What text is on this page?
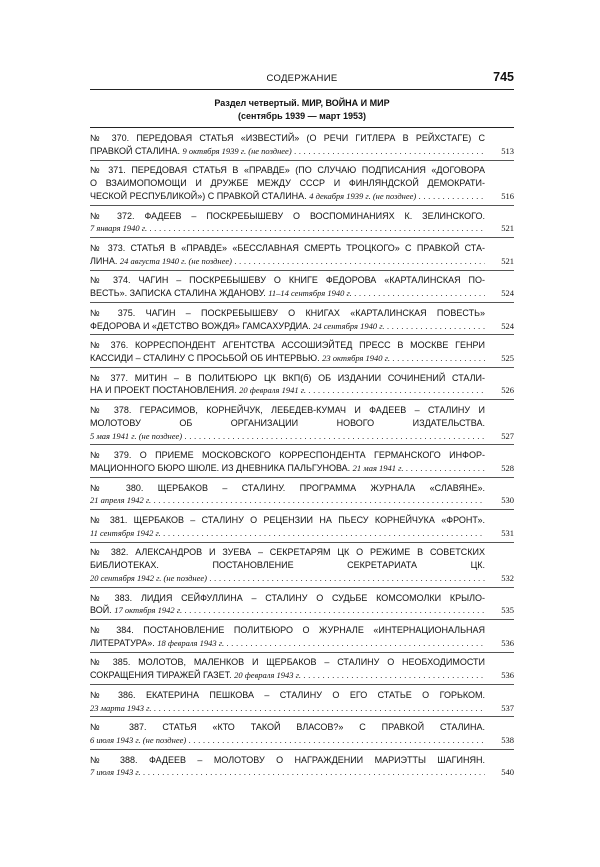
СОДЕРЖАНИЕ	745
Раздел четвертый. МИР, ВОЙНА И МИР
(сентябрь 1939 — март 1953)
№ 370. ПЕРЕДОВАЯ СТАТЬЯ «ИЗВЕСТИЙ» (О РЕЧИ ГИТЛЕРА В РЕЙХСТАГЕ) С
ПРАВКОЙ СТАЛИНА. 9 октября 1939 г. (не позднее) . . .	513
№ 371. ПЕРЕДОВАЯ СТАТЬЯ В «ПРАВДЕ» (ПО СЛУЧАЮ ПОДПИСАНИЯ «ДОГОВОРА
О ВЗАИМОПОМОЩИ И ДРУЖБЕ МЕЖДУ СССР И ФИНЛЯНДСКОЙ ДЕМОКРАТИ-
ЧЕСКОЙ РЕСПУБЛИКОЙ») С ПРАВКОЙ СТАЛИНА. 4 декабря 1939 г. (не позднее) . . .	516
№ 372. ФАДЕЕВ – ПОСКРЕБЫШЕВУ О ВОСПОМИНАНИЯХ К. ЗЕЛИНСКОГО.
7 января 1940 г. . . .	521
№ 373. СТАТЬЯ В «ПРАВДЕ» «БЕССЛАВНАЯ СМЕРТЬ ТРОЦКОГО» С ПРАВКОЙ СТА-
ЛИНА. 24 августа 1940 г. (не позднее) . . .	521
№ 374. ЧАГИН – ПОСКРЕБЫШЕВУ О КНИГЕ ФЕДОРОВА «КАРТАЛИНСКАЯ ПО-
ВЕСТЬ». ЗАПИСКА СТАЛИНА ЖДАНОВУ. 11–14 сентября 1940 г. . . .	524
№ 375. ЧАГИН – ПОСКРЕБЫШЕВУ О КНИГАХ «КАРТАЛИНСКАЯ ПОВЕСТЬ»
ФЕДОРОВА И «ДЕТСТВО ВОЖДЯ» ГАМСАХУРДИА. 24 сентября 1940 г. . . .	524
№ 376. КОРРЕСПОНДЕНТ АГЕНТСТВА АССОШИЭЙТЕД ПРЕСС В МОСКВЕ ГЕНРИ
КАССИДИ – СТАЛИНУ С ПРОСЬБОЙ ОБ ИНТЕРВЬЮ. 23 октября 1940 г. . . .	525
№ 377. МИТИН – В ПОЛИТБЮРО ЦК ВКП(б) ОБ ИЗДАНИИ СОЧИНЕНИЙ СТАЛИ-
НА И ПРОЕКТ ПОСТАНОВЛЕНИЯ. 20 февраля 1941 г. . . .	526
№ 378. ГЕРАСИМОВ, КОРНЕЙЧУК, ЛЕБЕДЕВ-КУМАЧ И ФАДЕЕВ – СТАЛИНУ И
МОЛОТОВУ ОБ ОРГАНИЗАЦИИ НОВОГО ИЗДАТЕЛЬСТВА.
5 мая 1941 г. (не позднее) . . .	527
№ 379. О ПРИЕМЕ МОСКОВСКОГО КОРРЕСПОНДЕНТА ГЕРМАНСКОГО ИНФОР-
МАЦИОННОГО БЮРО ШЮЛЕ. ИЗ ДНЕВНИКА ПАЛЬГУНОВА. 21 мая 1941 г. . . .	528
№ 380. ЩЕРБАКОВ – СТАЛИНУ. ПРОГРАММА ЖУРНАЛА «СЛАВЯНЕ».
21 апреля 1942 г. . . .	530
№ 381. ЩЕРБАКОВ – СТАЛИНУ О РЕЦЕНЗИИ НА ПЬЕСУ КОРНЕЙЧУКА «ФРОНТ».
11 сентября 1942 г. . . .	531
№ 382. АЛЕКСАНДРОВ И ЗУЕВА – СЕКРЕТАРЯМ ЦК О РЕЖИМЕ В СОВЕТСКИХ
БИБЛИОТЕКАХ. ПОСТАНОВЛЕНИЕ СЕКРЕТАРИАТА ЦК.
20 сентября 1942 г. (не позднее) . . .	532
№ 383. ЛИДИЯ СЕЙФУЛЛИНА – СТАЛИНУ О СУДЬБЕ КОМСОМОЛКИ КРЫЛО-
ВОЙ. 17 октября 1942 г. . . .	535
№ 384. ПОСТАНОВЛЕНИЕ ПОЛИТБЮРО О ЖУРНАЛЕ «ИНТЕРНАЦИОНАЛЬНАЯ
ЛИТЕРАТУРА». 18 февраля 1943 г. . . .	536
№ 385. МОЛОТОВ, МАЛЕНКОВ И ЩЕРБАКОВ – СТАЛИНУ О НЕОБХОДИМОСТИ
СОКРАЩЕНИЯ ТИРАЖЕЙ ГАЗЕТ. 20 февраля 1943 г. . . .	536
№ 386. ЕКАТЕРИНА ПЕШКОВА – СТАЛИНУ О ЕГО СТАТЬЕ О ГОРЬКОМ.
23 марта 1943 г. . . .	537
№ 387. СТАТЬЯ «КТО ТАКОЙ ВЛАСОВ?» С ПРАВКОЙ СТАЛИНА.
6 июля 1943 г. (не позднее) . . .	538
№ 388. ФАДЕЕВ – МОЛОТОВУ О НАГРАЖДЕНИИ МАРИЭТТЫ ШАГИНЯН.
7 июля 1943 г. . . .	540
